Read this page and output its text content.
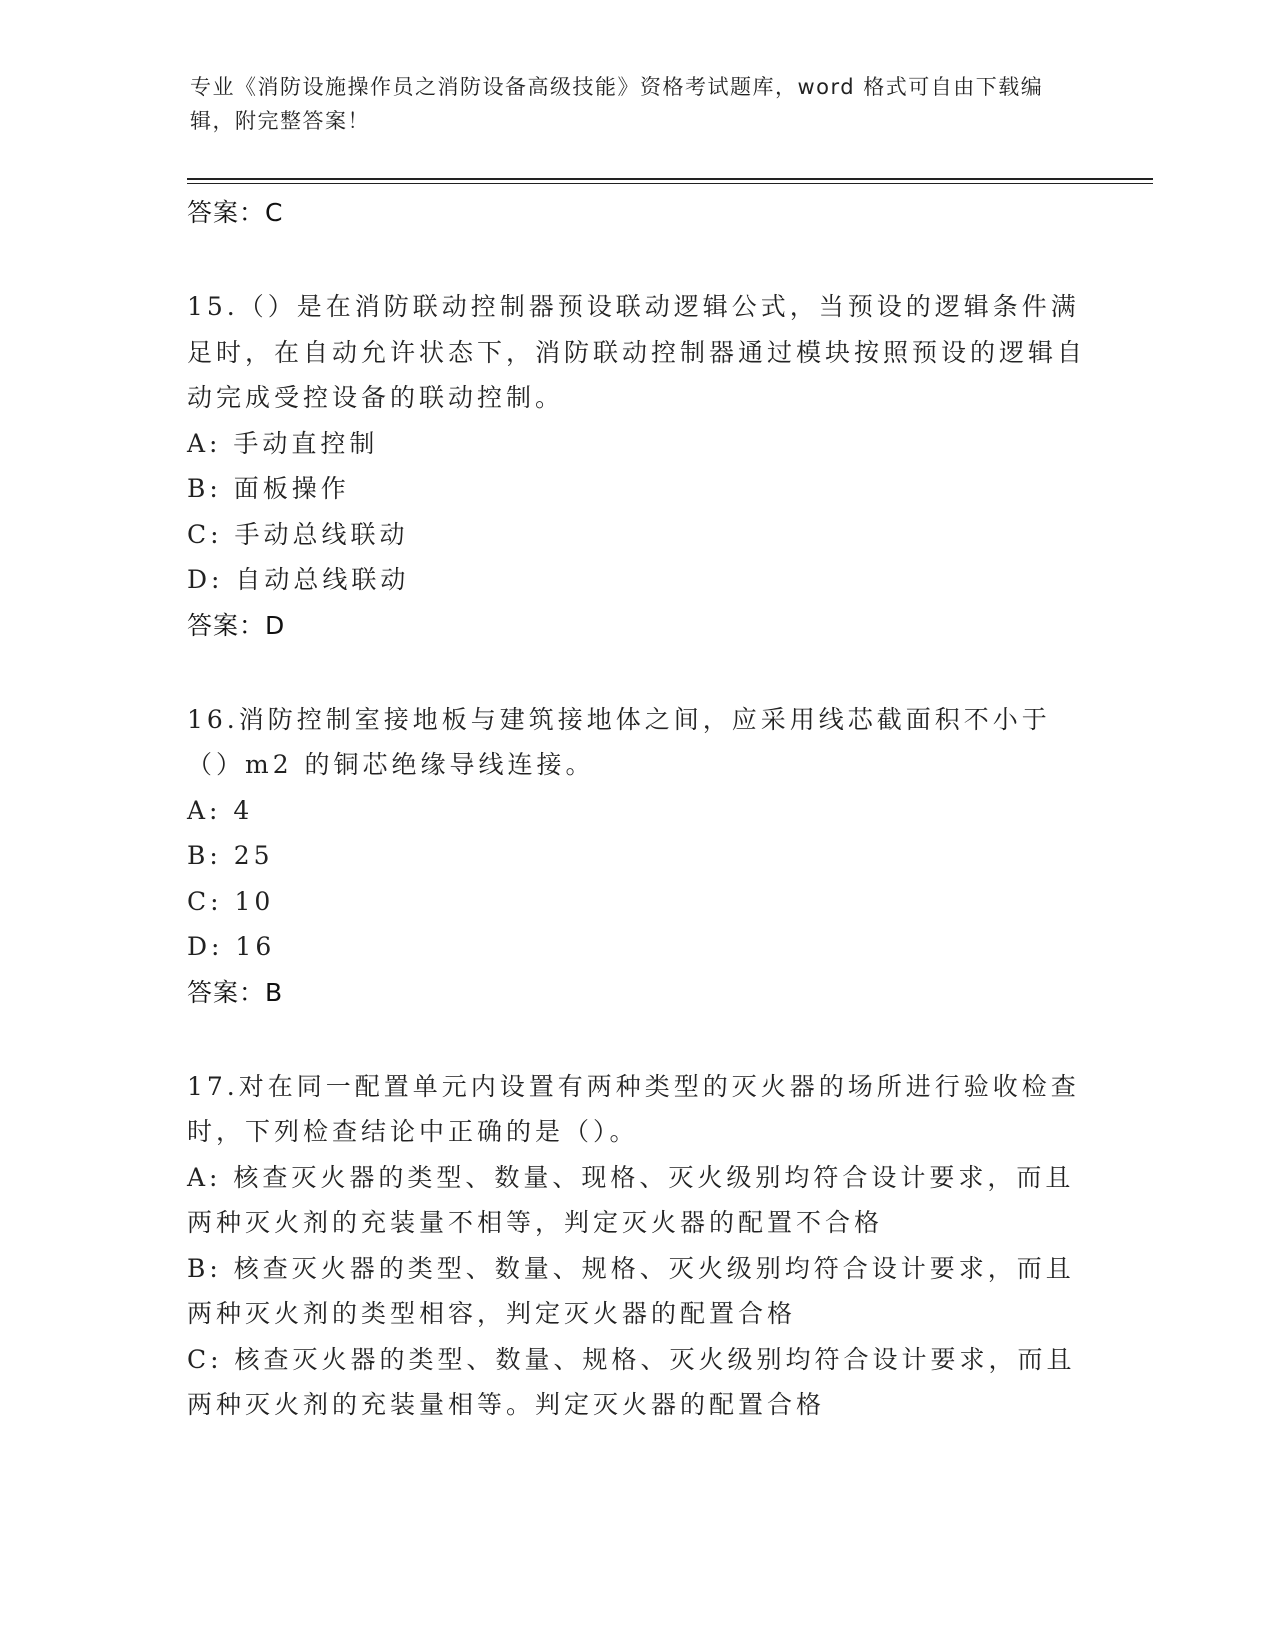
专业《消防设施操作员之消防设备高级技能》资格考试题库，word 格式可自由下载编辑，附完整答案！
答案：C
15.（）是在消防联动控制器预设联动逻辑公式，当预设的逻辑条件满足时，在自动允许状态下，消防联动控制器通过模块按照预设的逻辑自动完成受控设备的联动控制。
A: 手动直控制
B: 面板操作
C: 手动总线联动
D: 自动总线联动
答案：D
16.消防控制室接地板与建筑接地体之间，应采用线芯截面积不小于（）m2 的铜芯绝缘导线连接。
A: 4
B: 25
C: 10
D: 16
答案：B
17.对在同一配置单元内设置有两种类型的灭火器的场所进行验收检查时，下列检查结论中正确的是（）。
A: 核查灭火器的类型、数量、现格、灭火级别均符合设计要求，而且两种灭火剂的充装量不相等，判定灭火器的配置不合格
B: 核查灭火器的类型、数量、规格、灭火级别均符合设计要求，而且两种灭火剂的类型相容，判定灭火器的配置合格
C: 核查灭火器的类型、数量、规格、灭火级别均符合设计要求，而且两种灭火剂的充装量相等。判定灭火器的配置合格
